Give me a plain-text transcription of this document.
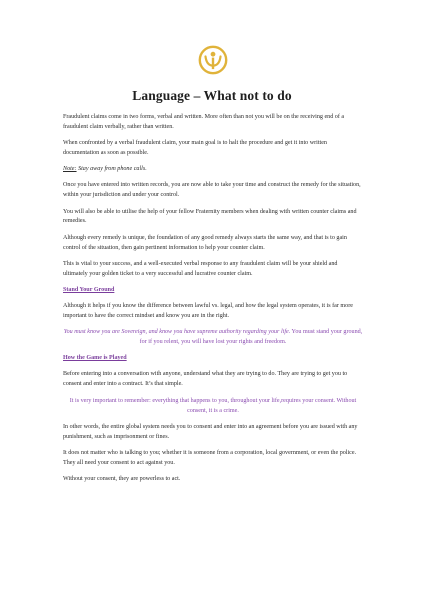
Language – What not to do

Fraudulent claims come in two forms, verbal and written. More often than not you will be on the receiving end of a fraudulent claim verbally, rather than written.

When confronted by a verbal fraudulent claim, your main goal is to halt the procedure and get it into written documentation as soon as possible.

Note: Stay away from phone calls.

Once you have entered into written records, you are now able to take your time and construct the remedy for the situation, within your jurisdiction and under your control.

You will also be able to utilise the help of your fellow Fraternity members when dealing with written counter claims and remedies.

Although every remedy is unique, the foundation of any good remedy always starts the same way, and that is to gain control of the situation, then gain pertinent information to help your counter claim.

This is vital to your success, and a well-executed verbal response to any fraudulent claim will be your shield and ultimately your golden ticket to a very successful and lucrative counter claim.

Stand Your Ground

Although it helps if you know the difference between lawful vs. legal, and how the legal system operates, it is far more important to have the correct mindset and know you are in the right.

You must know you are Sovereign, and know you have supreme authority regarding your life. You must stand your ground, for if you relent, you will have lost your rights and freedom.

How the Game is Played

Before entering into a conversation with anyone, understand what they are trying to do. They are trying to get you to consent and enter into a contract. It’s that simple.

It is very important to remember: everything that happens to you, throughout your life,requires your consent. Without consent, it is a crime.

In other words, the entire global system needs you to consent and enter into an agreement before you are issued with any punishment, such as imprisonment or fines.

It does not matter who is talking to you; whether it is someone from a corporation, local government, or even the police. They all need your consent to act against you.

Without your consent, they are powerless to act.
